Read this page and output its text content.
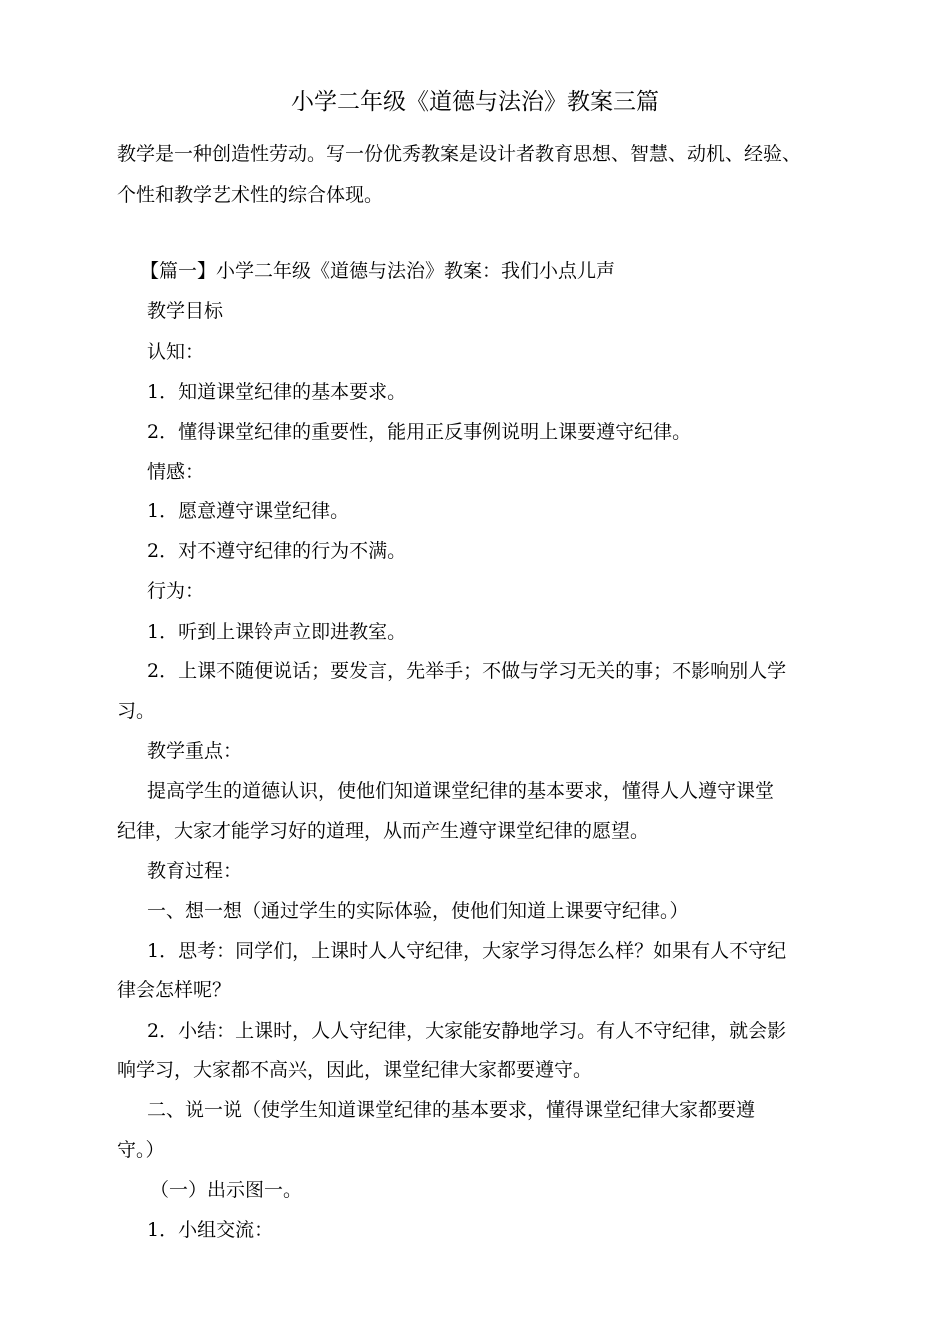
小学二年级《道德与法治》教案三篇
教学是一种创造性劳动。写一份优秀教案是设计者教育思想、智慧、动机、经验、
个性和教学艺术性的综合体现。
【篇一】小学二年级《道德与法治》教案：我们小点儿声
教学目标
认知：
1．知道课堂纪律的基本要求。
2．懂得课堂纪律的重要性，能用正反事例说明上课要遵守纪律。
情感：
1．愿意遵守课堂纪律。
2．对不遵守纪律的行为不满。
行为：
1．听到上课铃声立即进教室。
2．上课不随便说话；要发言，先举手；不做与学习无关的事；不影响别人学
习。
教学重点：
提高学生的道德认识，使他们知道课堂纪律的基本要求，懂得人人遵守课堂
纪律，大家才能学习好的道理，从而产生遵守课堂纪律的愿望。
教育过程：
一、想一想（通过学生的实际体验，使他们知道上课要守纪律。）
1．思考：同学们，上课时人人守纪律，大家学习得怎么样？如果有人不守纪
律会怎样呢？
2．小结：上课时，人人守纪律，大家能安静地学习。有人不守纪律，就会影
响学习，大家都不高兴，因此，课堂纪律大家都要遵守。
二、说一说（使学生知道课堂纪律的基本要求，懂得课堂纪律大家都要遵
守。）
（一）出示图一。
1．小组交流：
